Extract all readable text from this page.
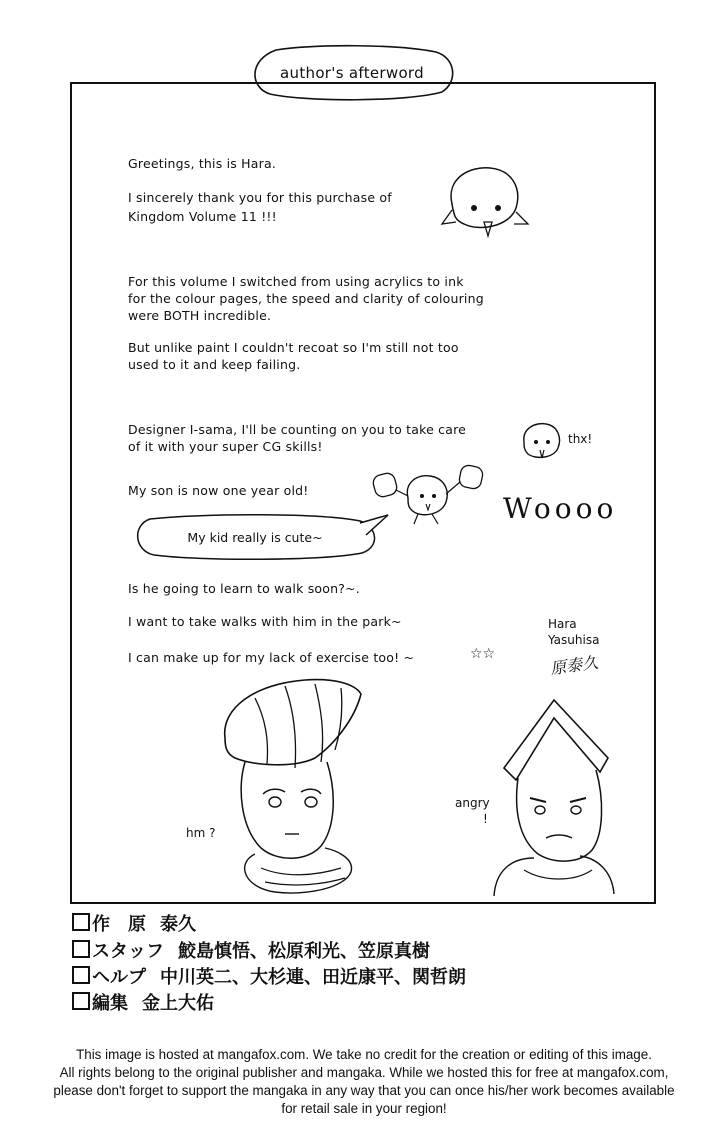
author's afterword
Greetings, this is Hara.
I sincerely thank you for this purchase of
Kingdom Volume 11 !!!
For this volume I switched from using acrylics to ink
for the colour pages, the speed and clarity of colouring
were BOTH incredible.
But unlike paint I couldn't recoat so I'm still not too
used to it and keep failing.
Designer I-sama, I'll be counting on you to take care
of it with your super CG skills!
My son is now one year old!
Is he going to learn to walk soon?~.
I want to take walks with him in the park~
I can make up for my lack of exercise too! ~
My kid really is cute~
thx!
Woooo
☆☆
Hara
Yasuhisa
原泰久
hm ?
angry
!
作　原 泰久
スタッフ 鮫島慎悟、松原利光、笠原真樹
ヘルプ 中川英二、大杉連、田近康平、関哲朗
編集 金上大佑
This image is hosted at mangafox.com. We take no credit for the creation or editing of this image.
All rights belong to the original publisher and mangaka. While we hosted this for free at mangafox.com,
please don't forget to support the mangaka in any way that you can once his/her work becomes available
for retail sale in your region!
